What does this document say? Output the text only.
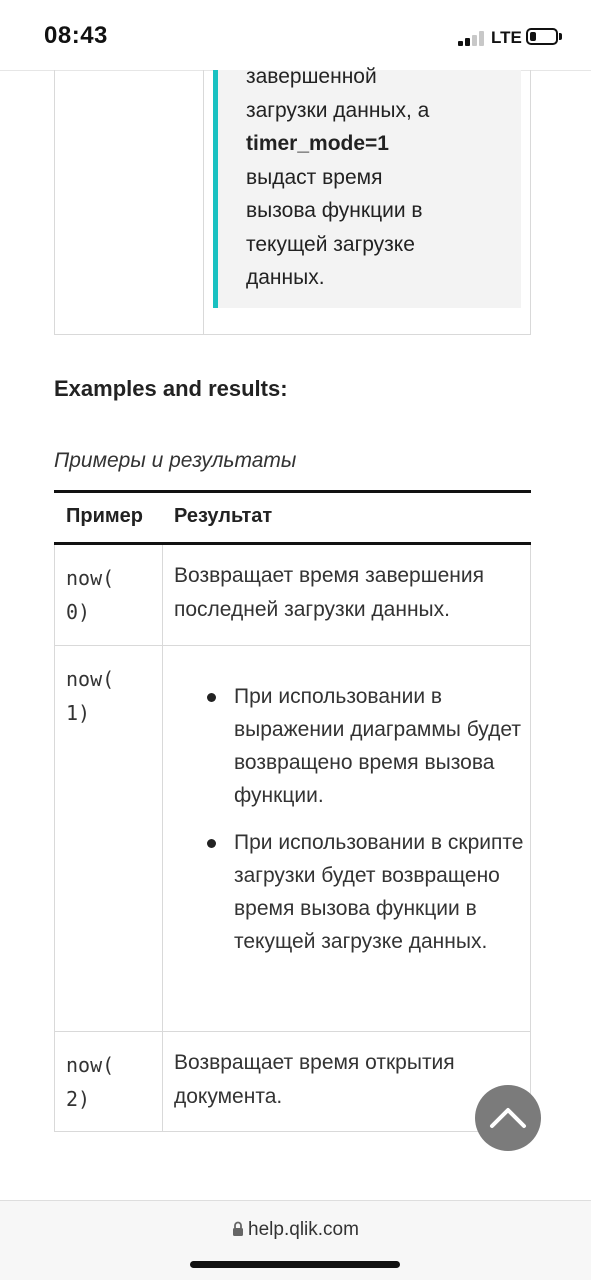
08:43	LTE
завершенной
загрузки данных, а
timer_mode=1
выдаст время
вызова функции в
текущей загрузке
данных.
Examples and results:
Примеры и результаты
Пример Результат
now(
0)
Возвращает время завершения последней загрузки данных.
now(
1)
При использовании в выражении диаграммы будет возвращено время вызова функции.
При использовании в скрипте загрузки будет возвращено время вызова функции в текущей загрузке данных.
now(
2)
Возвращает время открытия документа.
help.qlik.com
